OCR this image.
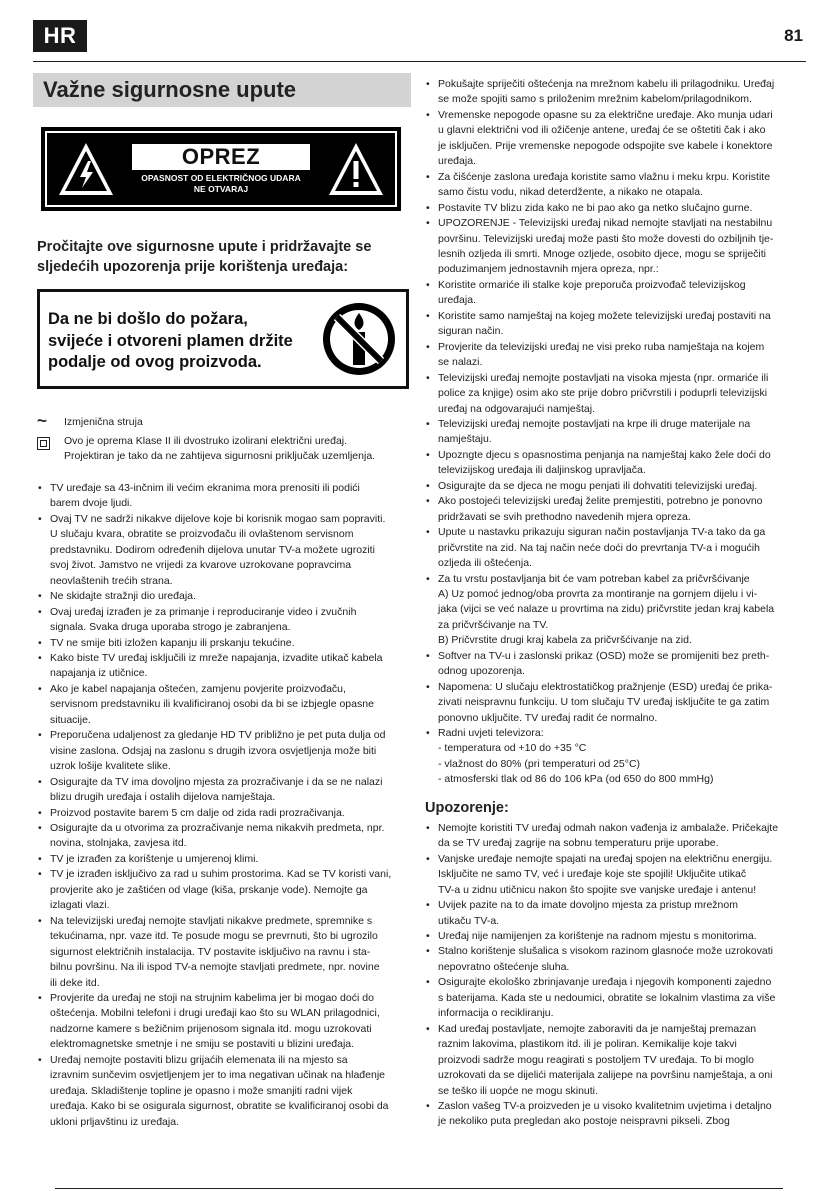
HR	81
Važne sigurnosne upute
OPREZ
OPASNOST OD ELEKTRIČNOG UDARA
NE OTVARAJ
Pročitajte ove sigurnosne upute i pridržavajte se
sljedećih upozorenja prije korištenja uređaja:
Da ne bi došlo do požara,
svijeće i otvoreni plamen držite
podalje od ovog proizvoda.
~ Izmjenična struja
Ovo je oprema Klase II ili dvostruko izolirani električni uređaj.
Projektiran je tako da ne zahtijeva sigurnosni priključak uzemljenja.
• TV uređaje sa 43-inčnim ili većim ekranima mora prenositi ili podići
barem dvoje ljudi.
• Ovaj TV ne sadrži nikakve dijelove koje bi korisnik mogao sam popraviti.
U slučaju kvara, obratite se proizvođaču ili ovlaštenom servisnom
predstavniku. Dodirom određenih dijelova unutar TV-a možete ugroziti
svoj život. Jamstvo ne vrijedi za kvarove uzrokovane popravcima
neovlaštenih trećih strana.
• Ne skidajte stražnji dio uređaja.
• Ovaj uređaj izrađen je za primanje i reproduciranje video i zvučnih
signala. Svaka druga uporaba strogo je zabranjena.
• TV ne smije biti izložen kapanju ili prskanju tekućine.
• Kako biste TV uređaj isključili iz mreže napajanja, izvadite utikač kabela
napajanja iz utičnice.
• Ako je kabel napajanja oštećen, zamjenu povjerite proizvođaču,
servisnom predstavniku ili kvalificiranoj osobi da bi se izbjegle opasne
situacije.
• Preporučena udaljenost za gledanje HD TV približno je pet puta dulja od
visine zaslona. Odsjaj na zaslonu s drugih izvora osvjetljenja može biti
uzrok lošije kvalitete slike.
• Osigurajte da TV ima dovoljno mjesta za prozračivanje i da se ne nalazi
blizu drugih uređaja i ostalih dijelova namještaja.
• Proizvod postavite barem 5 cm dalje od zida radi prozračivanja.
• Osigurajte da u otvorima za prozračivanje nema nikakvih predmeta, npr.
novina, stolnjaka, zavjesa itd.
• TV je izrađen za korištenje u umjerenoj klimi.
• TV je izrađen isključivo za rad u suhim prostorima. Kad se TV koristi vani,
provjerite ako je zaštićen od vlage (kiša, prskanje vode). Nemojte ga
izlagati vlazi.
• Na televizijski uređaj nemojte stavljati nikakve predmete, spremnike s
tekućinama, npr. vaze itd. Te posude mogu se prevrnuti, što bi ugrozilo
sigurnost električnih instalacija. TV postavite isključivo na ravnu i sta-
bilnu površinu. Na ili ispod TV-a nemojte stavljati predmete, npr. novine
ili deke itd.
• Provjerite da uređaj ne stoji na strujnim kabelima jer bi mogao doći do
oštećenja. Mobilni telefoni i drugi uređaji kao što su WLAN prilagodnici,
nadzorne kamere s bežičnim prijenosom signala itd. mogu uzrokovati
elektromagnetske smetnje i ne smiju se postaviti u blizini uređaja.
• Uređaj nemojte postaviti blizu grijaćih elemenata ili na mjesto sa
izravnim sunčevim osvjetljenjem jer to ima negativan učinak na hlađenje
uređaja. Skladištenje topline je opasno i može smanjiti radni vijek
uređaja. Kako bi se osigurala sigurnost, obratite se kvalificiranoj osobi da
ukloni prljavštinu iz uređaja.
• Pokušajte spriječiti oštećenja na mrežnom kabelu ili prilagodniku. Uređaj
se može spojiti samo s priloženim mrežnim kabelom/prilagodnikom.
• Vremenske nepogode opasne su za električne uređaje. Ako munja udari
u glavni električni vod ili ožičenje antene, uređaj će se oštetiti čak i ako
je isključen. Prije vremenske nepogode odspojite sve kabele i konektore
uređaja.
• Za čišćenje zaslona uređaja koristite samo vlažnu i meku krpu. Koristite
samo čistu vodu, nikad deterdžente, a nikako ne otapala.
• Postavite TV blizu zida kako ne bi pao ako ga netko slučajno gurne.
• UPOZORENJE - Televizijski uređaj nikad nemojte stavljati na nestabilnu
površinu. Televizijski uređaj može pasti što može dovesti do ozbiljnih tje-
lesnih ozljeda ili smrti. Mnoge ozljede, osobito djece, mogu se spriječiti
poduzimanjem jednostavnih mjera opreza, npr.:
• Koristite ormariće ili stalke koje preporuča proizvođač televizijskog
uređaja.
• Koristite samo namještaj na kojeg možete televizijski uređaj postaviti na
siguran način.
• Provjerite da televizijski uređaj ne visi preko ruba namještaja na kojem
se nalazi.
• Televizijski uređaj nemojte postavljati na visoka mjesta (npr. ormariće ili
police za knjige) osim ako ste prije dobro pričvrstili i poduprli televizijski
uređaj na odgovarajući namještaj.
• Televizijski uređaj nemojte postavljati na krpe ili druge materijale na
namještaju.
• Upozngte djecu s opasnostima penjanja na namještaj kako žele doći do
televizijskog uređaja ili daljinskog upravljača.
• Osigurajte da se djeca ne mogu penjati ili dohvatiti televizijski uređaj.
• Ako postojeći televizijski uređaj želite premjestiti, potrebno je ponovno
pridržavati se svih prethodno navedenih mjera opreza.
• Upute u nastavku prikazuju siguran način postavljanja TV-a tako da ga
pričvrstite na zid. Na taj način neće doći do prevrtanja TV-a i mogućih
ozljeda ili oštećenja.
• Za tu vrstu postavljanja bit će vam potreban kabel za pričvršćivanje
A) Uz pomoć jednog/oba provrta za montiranje na gornjem dijelu i vi-
jaka (vijci se već nalaze u provrtima na zidu) pričvrstite jedan kraj kabela
za pričvršćivanje na TV.
B) Pričvrstite drugi kraj kabela za pričvršćivanje na zid.
• Softver na TV-u i zaslonski prikaz (OSD) može se promijeniti bez preth-
odnog upozorenja.
• Napomena: U slučaju elektrostatičkog pražnjenje (ESD) uređaj će prika-
zivati neispravnu funkciju. U tom slučaju TV uređaj isključite te ga zatim
ponovno uključite. TV uređaj radit će normalno.
• Radni uvjeti televizora:
- temperatura od +10 do +35 °C
- vlažnost do 80% (pri temperaturi od 25°C)
- atmosferski tlak od 86 do 106 kPa (od 650 do 800 mmHg)
Upozorenje:
• Nemojte koristiti TV uređaj odmah nakon vađenja iz ambalaže. Pričekajte
da se TV uređaj zagrije na sobnu temperaturu prije uporabe.
• Vanjske uređaje nemojte spajati na uređaj spojen na električnu energiju.
Isključite ne samo TV, već i uređaje koje ste spojili! Uključite utikač
TV-a u zidnu utičnicu nakon što spojite sve vanjske uređaje i antenu!
• Uvijek pazite na to da imate dovoljno mjesta za pristup mrežnom
utikaču TV-a.
• Uređaj nije namijenjen za korištenje na radnom mjestu s monitorima.
• Stalno korištenje slušalica s visokom razinom glasnoće može uzrokovati
nepovratno oštećenje sluha.
• Osigurajte ekološko zbrinjavanje uređaja i njegovih komponenti zajedno
s baterijama. Kada ste u nedoumici, obratite se lokalnim vlastima za više
informacija o recikliranju.
• Kad uređaj postavljate, nemojte zaboraviti da je namještaj premazan
raznim lakovima, plastikom itd. ili je poliran. Kemikalije koje takvi
proizvodi sadrže mogu reagirati s postoljem TV uređaja. To bi moglo
uzrokovati da se dijelići materijala zalijepe na površinu namještaja, a oni
se teško ili uopće ne mogu skinuti.
• Zaslon vašeg TV-a proizveden je u visoko kvalitetnim uvjetima i detaljno
je nekoliko puta pregledan ako postoje neispravni pikseli. Zbog
